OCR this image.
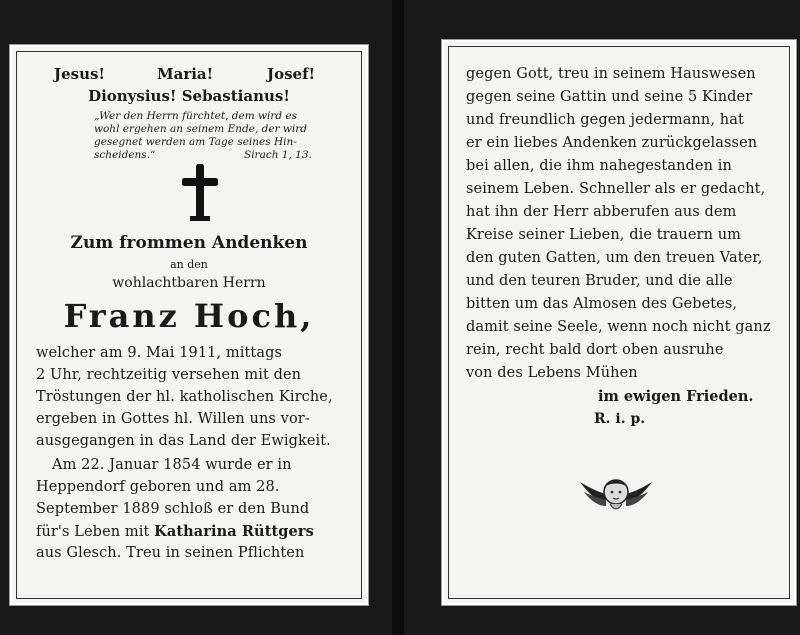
Jesus!	Maria!	Josef!
Dionysius! Sebastianus!
„Wer den Herrn fürchtet, dem wird es
wohl ergehen an seinem Ende, der wird
gesegnet werden am Tage seines Hin-
scheidens.“	Sirach 1, 13.
Zum frommen Andenken
an den
wohlachtbaren Herrn
Franz Hoch,
welcher am 9. Mai 1911, mittags
2 Uhr, rechtzeitig versehen mit den
Tröstungen der hl. katholischen Kirche,
ergeben in Gottes hl. Willen uns vor-
ausgegangen in das Land der Ewigkeit.
Am 22. Januar 1854 wurde er in
Heppendorf geboren und am 28.
September 1889 schloß er den Bund
für's Leben mit Katharina Rüttgers
aus Glesch. Treu in seinen Pflichten
gegen Gott, treu in seinem Hauswesen
gegen seine Gattin und seine 5 Kinder
und freundlich gegen jedermann, hat
er ein liebes Andenken zurückgelassen
bei allen, die ihm nahegestanden in
seinem Leben. Schneller als er gedacht,
hat ihn der Herr abberufen aus dem
Kreise seiner Lieben, die trauern um
den guten Gatten, um den treuen Vater,
und den teuren Bruder, und die alle
bitten um das Almosen des Gebetes,
damit seine Seele, wenn noch nicht ganz
rein, recht bald dort oben ausruhe
von des Lebens Mühen
im ewigen Frieden.
R. i. p.
